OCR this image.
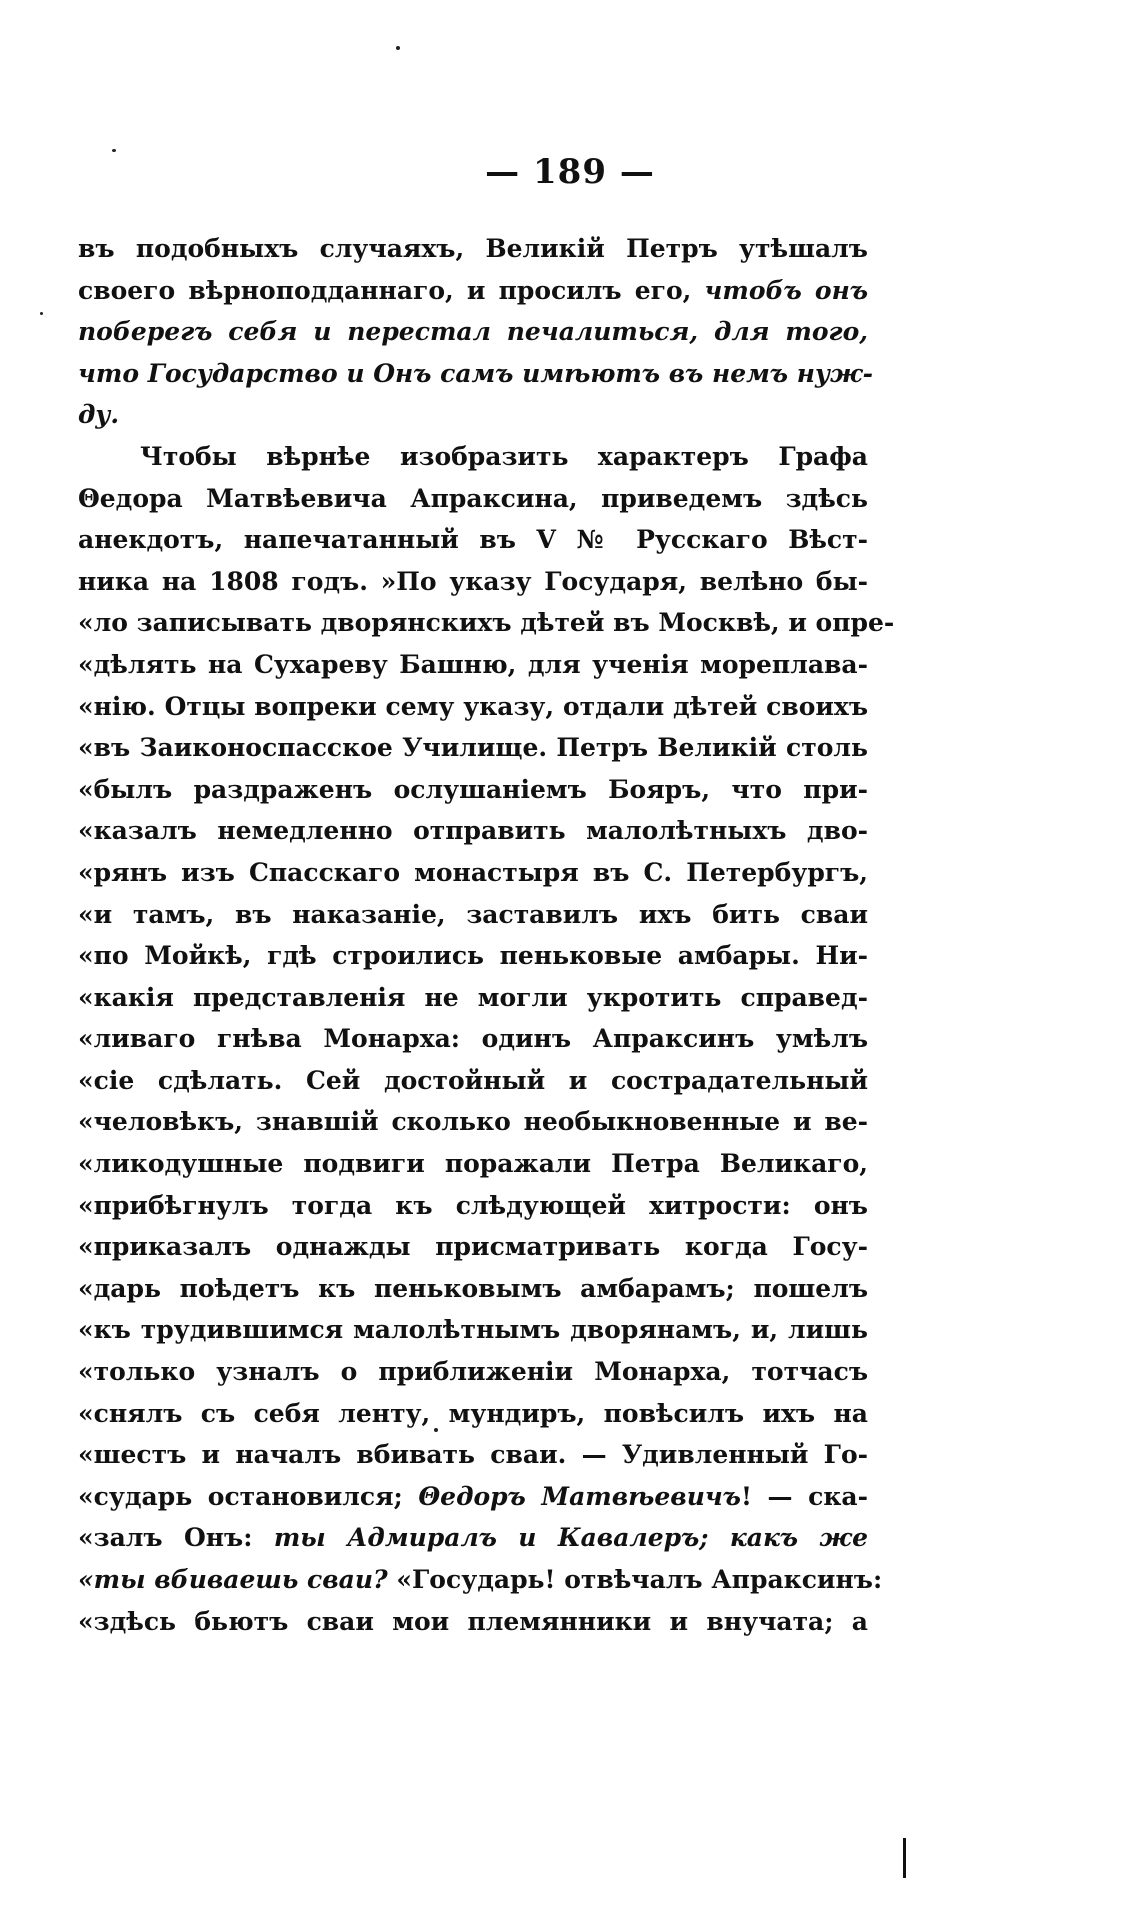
— 189 —
въ подобныхъ случаяхъ, Великій Петръ утѣшалъ
своего вѣрноподданнаго, и просилъ его, чтобъ онъ
поберегъ себя и перестал печалиться, для того,
что Государство и Онъ самъ имѣютъ въ немъ нуж-
ду.
Чтобы вѣрнѣе изобразить характеръ Графа
Θедора Матвѣевича Апраксина, приведемъ здѣсь
анекдотъ, напечатанный въ V № Русскаго Вѣст-
ника на 1808 годъ. »По указу Государя, велѣно бы-
«ло записывать дворянскихъ дѣтей въ Москвѣ, и опре-
«дѣлять на Сухареву Башню, для ученія мореплава-
«нію. Отцы вопреки сему указу, отдали дѣтей своихъ
«въ Заиконоспасское Училище. Петръ Великій столь
«былъ раздраженъ ослушаніемъ Бояръ, что при-
«казалъ немедленно отправить малолѣтныхъ дво-
«рянъ изъ Спасскаго монастыря въ С. Петербургъ,
«и тамъ, въ наказаніе, заставилъ ихъ бить сваи
«по Мойкѣ, гдѣ строились пеньковые амбары. Ни-
«какія представленія не могли укротить справед-
«ливаго гнѣва Монарха: одинъ Апраксинъ умѣлъ
«сіе сдѣлать. Сей достойный и сострадательный
«человѣкъ, знавшій сколько необыкновенные и ве-
«ликодушные подвиги поражали Петра Великаго,
«прибѣгнулъ тогда къ слѣдующей хитрости: онъ
«приказалъ однажды присматривать когда Госу-
«дарь поѣдетъ къ пеньковымъ амбарамъ; пошелъ
«къ трудившимся малолѣтнымъ дворянамъ, и, лишь
«только узналъ о приближеніи Монарха, тотчасъ
«снялъ съ себя ленту, мундиръ, повѣсилъ ихъ на
«шестъ и началъ вбивать сваи. — Удивленный Го-
«сударь остановился; Θедоръ Матвѣевичъ! — ска-
«залъ Онъ: ты Адмиралъ и Кавалеръ; какъ же
«ты вбиваешь сваи? «Государь! отвѣчалъ Апраксинъ:
«здѣсь бьютъ сваи мои племянники и внучата; а
